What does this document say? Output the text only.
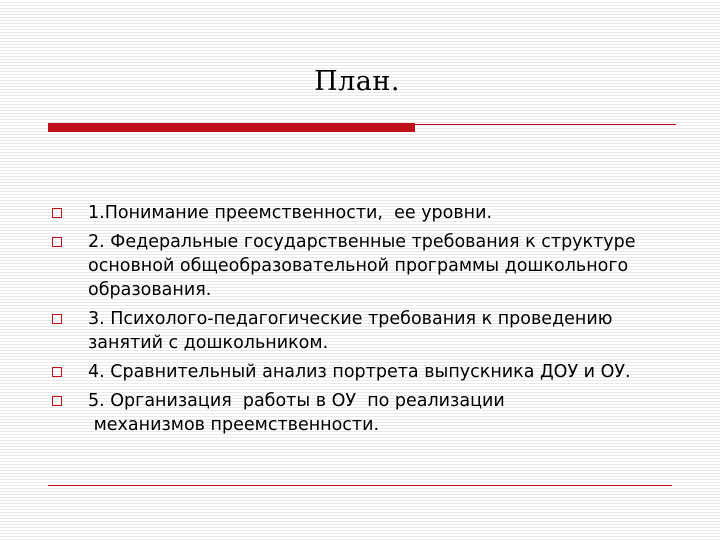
План.
1.Понимание преемственности,  ее уровни.
2. Федеральные государственные требования к структуре основной общеобразовательной программы дошкольного образования.
3. Психолого-педагогические требования к проведению занятий с дошкольником.
4. Сравнительный анализ портрета выпускника ДОУ и ОУ.
5. Организация  работы в ОУ  по реализации
механизмов преемственности.
